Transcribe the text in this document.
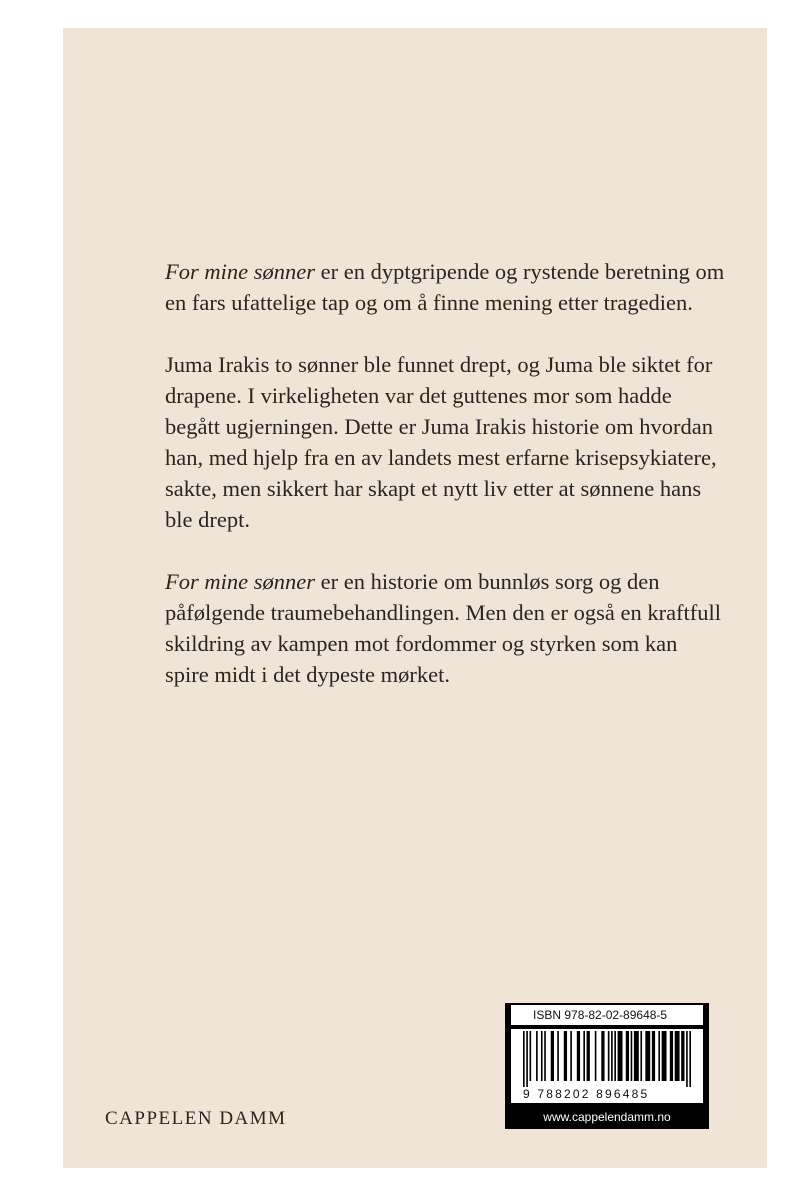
For mine sønner er en dyptgripende og rystende beretning om en fars ufattelige tap og om å finne mening etter tragedien.

Juma Irakis to sønner ble funnet drept, og Juma ble siktet for drapene. I virkeligheten var det guttenes mor som hadde begått ugjerningen. Dette er Juma Irakis historie om hvordan han, med hjelp fra en av landets mest erfarne krisepsykiatere, sakte, men sikkert har skapt et nytt liv etter at sønnene hans ble drept.

For mine sønner er en historie om bunnløs sorg og den påfølgende traumebehandlingen. Men den er også en kraftfull skildring av kampen mot fordommer og styrken som kan spire midt i det dypeste mørket.

CAPPELEN DAMM
ISBN 978-82-02-89648-5
9 788202 896485
www.cappelendamm.no
